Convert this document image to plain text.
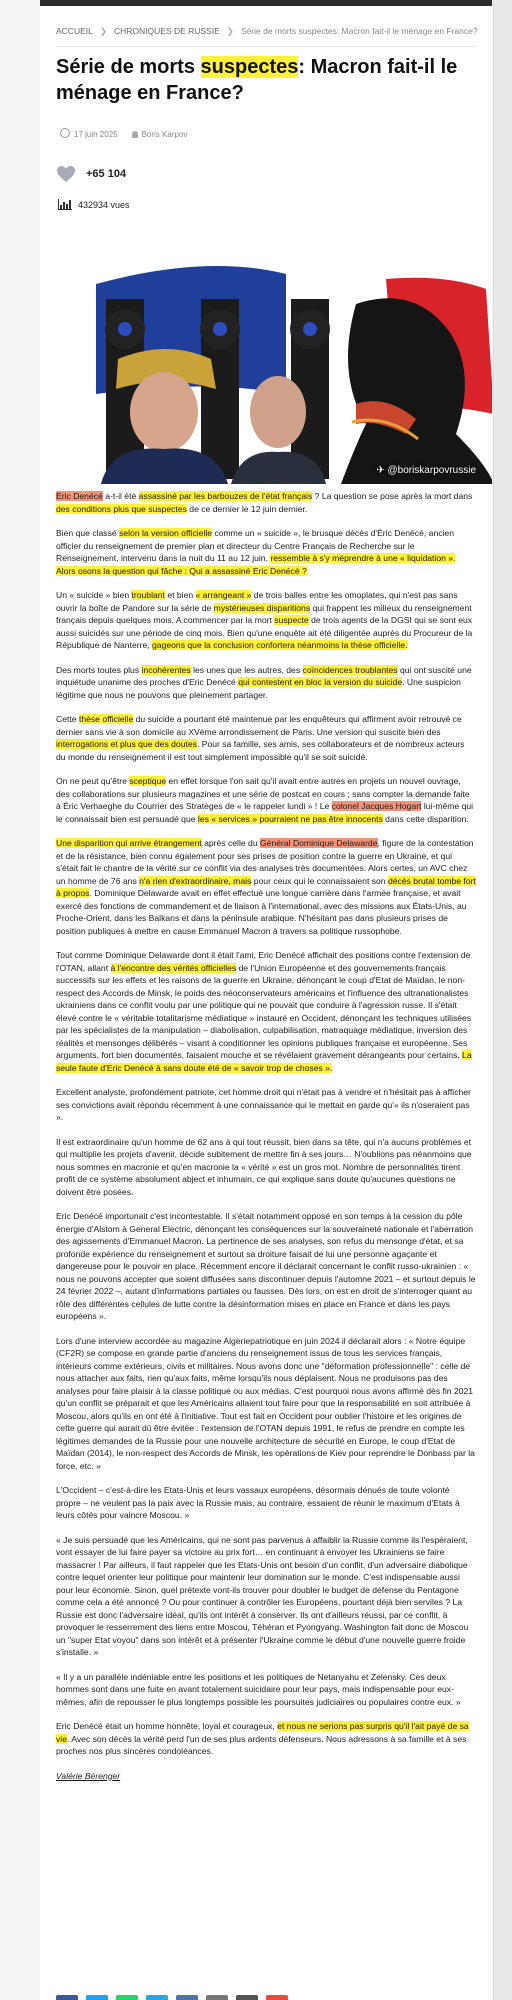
ACCUEIL ❯ CHRONIQUES DE RUSSIE ❯ Série de morts suspectes: Macron fait-il le ménage en France?
Série de morts suspectes: Macron fait-il le ménage en France?
17 juin 2025	Boris Karpov
+65 104
432934 vues
✈ @boriskarpovrussie

Eric Denécé a-t-il été assassiné par les barbouzes de l'état français ? La question se pose après la mort dans des conditions plus que suspectes de ce dernier le 12 juin dernier.

Bien que classé selon la version officielle comme un « suicide », le brusque décès d'Éric Denécé, ancien officier du renseignement de premier plan et directeur du Centre Français de Recherche sur le Renseignement, intervenu dans la nuit du 11 au 12 juin, ressemble à s'y méprendre à une « liquidation ». Alors osons la question qui fâche : Qui a assassiné Eric Denécé ?

Un « suicide » bien troublant et bien « arrangeant » de trois balles entre les omoplates, qui n'est pas sans ouvrir la boîte de Pandore sur la série de mystérieuses disparitions qui frappent les milieux du renseignement français depuis quelques mois. A commencer par la mort suspecte de trois agents de la DGSI qui se sont eux aussi suicidés sur une période de cinq mois. Bien qu'une enquête ait été diligentée auprès du Procureur de la République de Nanterre, gageons que la conclusion confortera néanmoins la thèse officielle.

Des morts toutes plus incohérentes les unes que les autres, des coïncidences troublantes qui ont suscité une inquiétude unanime des proches d'Eric Denécé qui contestent en bloc la version du suicide. Une suspicion légitime que nous ne pouvons que pleinement partager.

Cette thèse officielle du suicide a pourtant été maintenue par les enquêteurs qui affirment avoir retrouvé ce dernier sans vie à son domicile au XVème arrondissement de Paris. Une version qui suscite bien des interrogations et plus que des doutes. Pour sa famille, ses amis, ses collaborateurs et de nombreux acteurs du monde du renseignement il est tout simplement impossible qu'il se soit suicidé.

On ne peut qu'être sceptique en effet lorsque l'on sait qu'il avait entre autres en projets un nouvel ouvrage, des collaborations sur plusieurs magazines et une série de postcat en cours ; sans compter la demande faite à Éric Verhaeghe du Courrier des Stratèges de « le rappeler lundi » ! Le colonel Jacques Hogart lui-même qui le connaissait bien est persuadé que les « services » pourraient ne pas être innocents dans cette disparition.

Une disparition qui arrive étrangement après celle du Général Dominique Delawarde, figure de la contestation et de la résistance, bien connu également pour ses prises de position contre la guerre en Ukraine, et qui s'était fait le chantre de la vérité sur ce conflit via des analyses très documentées. Alors certes, un AVC chez un homme de 76 ans n'a rien d'extraordinaire, mais pour ceux qui le connaissaient son décès brutal tombe fort à propos. Dominique Delawarde avait en effet effectué une longue carrière dans l'armée française, et avait exercé des fonctions de commandement et de liaison à l'international, avec des missions aux États-Unis, au Proche-Orient, dans les Balkans et dans la péninsule arabique. N'hésitant pas dans plusieurs prises de position publiques à mettre en cause Emmanuel Macron à travers sa politique russophobe.

Tout comme Dominique Delawarde dont il était l'ami, Eric Denécé affichait des positions contre l'extension de l'OTAN, allant à l'encontre des vérités officielles de l'Union Européenne et des gouvernements français successifs sur les effets et les raisons de la guerre en Ukraine, dénonçant le coup d'Etat de Maïdan, le non-respect des Accords de Minsk, le poids des néoconservateurs américains et l'influence des ultranationalistes ukrainiens dans ce conflit voulu par une politique qui ne pouvait que conduire à l'agression russe. Il s'était élevé contre le « véritable totalitarisme médiatique » instauré en Occident, dénonçant les techniques utilisées par les spécialistes de la manipulation – diabolisation, culpabilisation, matraquage médiatique, inversion des réalités et mensonges délibérés – visant à conditionner les opinions publiques française et européenne. Ses arguments, fort bien documentés, faisaient mouche et se révélaient gravement dérangeants pour certains. La seule faute d'Eric Denécé à sans doute été de « savoir trop de choses ».

Excellent analyste, profondément patriote, cet homme droit qui n'était pas à vendre et n'hésitait pas à afficher ses convictions avait répondu récemment à une connaissance qui le mettait en garde qu'« ils n'oseraient pas ».

Il est extraordinaire qu'un homme de 62 ans à qui tout réussit, bien dans sa tête, qui n'a aucuns problèmes et qui multiplie les projets d'avenir, décide subitement de mettre fin à ses jours… N'oublions pas néanmoins que nous sommes en macronie et qu'en macronie la « vérité » est un gros mot. Nombre de personnalités tirent profit de ce système absolument abject et inhumain, ce qui explique sans doute qu'aucunes questions ne doivent être posées.

Eric Denécé importunait c'est incontestable. Il s'était notamment opposé en son temps à la cession du pôle énergie d'Alstom à General Electric, dénonçant les conséquences sur la souveraineté nationale et l'aberration des agissements d'Emmanuel Macron. La pertinence de ses analyses, son refus du mensonge d'état, et sa profonde expérience du renseignement et surtout sa droiture faisait de lui une personne agaçante et dangereuse pour le pouvoir en place. Récemment encore il déclarait concernant le conflit russo-ukrainien : « nous ne pouvons accepter que soient diffusées sans discontinuer depuis l'automne 2021 – et surtout depuis le 24 février 2022 –, autant d'informations partiales ou fausses. Dès lors, on est en droit de s'interroger quant au rôle des différentes cellules de lutte contre la désinformation mises en place en France et dans les pays européens ».

Lors d'une interview accordée au magazine Algeriepatriotique en juin 2024 il déclarait alors : « Notre équipe (CF2R) se compose en grande partie d'anciens du renseignement issus de tous les services français, intérieurs comme extérieurs, civils et militaires. Nous avons donc une "déformation professionnelle" : celle de nous attacher aux faits, rien qu'aux faits, même lorsqu'ils nous déplaisent. Nous ne produisons pas des analyses pour faire plaisir à la classe politique ou aux médias. C'est pourquoi nous avons affirmé dès fin 2021 qu'un conflit se préparait et que les Américains allaient tout faire pour que la responsabilité en soit attribuée à Moscou, alors qu'ils en ont été à l'initiative. Tout est fait en Occident pour oublier l'histoire et les origines de cette guerre qui aurait dû être évitée : l'extension de l'OTAN depuis 1991, le refus de prendre en compte les légitimes demandes de la Russie pour une nouvelle architecture de sécurité en Europe, le coup d'Etat de Maïdan (2014), le non-respect des Accords de Minsk, les opérations de Kiev pour reprendre le Donbass par la force, etc. »

L'Occident – c'est-à-dire les Etats-Unis et leurs vassaux européens, désormais dénués de toute volonté propre – ne veulent pas la paix avec la Russie mais, au contraire, essaient de réunir le maximum d'Etats à leurs côtés pour vaincre Moscou. »

« Je suis persuadé que les Américains, qui ne sont pas parvenus à affaiblir la Russie comme ils l'espéraient, vont essayer de lui faire payer sa victoire au prix fort… en continuant à envoyer les Ukrainiens se faire massacrer ! Par ailleurs, il faut rappeler que les Etats-Unis ont besoin d'un conflit, d'un adversaire diabolique contre lequel orienter leur politique pour maintenir leur domination sur le monde. C'est indispensable aussi pour leur économie. Sinon, quel prétexte vont-ils trouver pour doubler le budget de défense du Pentagone comme cela a été annoncé ? Ou pour continuer à contrôler les Européens, pourtant déjà bien serviles ? La Russie est donc l'adversaire idéal, qu'ils ont intérêt à conserver. Ils ont d'ailleurs réussi, par ce conflit, à provoquer le resserrement des liens entre Moscou, Téhéran et Pyongyang. Washington fait donc de Moscou un "super Etat voyou" dans son intérêt et à présenter l'Ukraine comme le début d'une nouvelle guerre froide s'installe. »

« Il y a un parallèle indéniable entre les positions et les politiques de Netanyahu et Zelensky. Ces deux hommes sont dans une fuite en avant totalement suicidaire pour leur pays, mais indispensable pour eux-mêmes, afin de repousser le plus longtemps possible les poursuites judiciaires ou populaires contre eux. »

Eric Denécé était un homme honnête, loyal et courageux, et nous ne serions pas surpris qu'il l'ait payé de sa vie. Avec son décès la vérité perd l'un de ses plus ardents défenseurs. Nous adressons à sa famille et à ses proches nos plus sincères condoléances.

Valérie Bérenger
